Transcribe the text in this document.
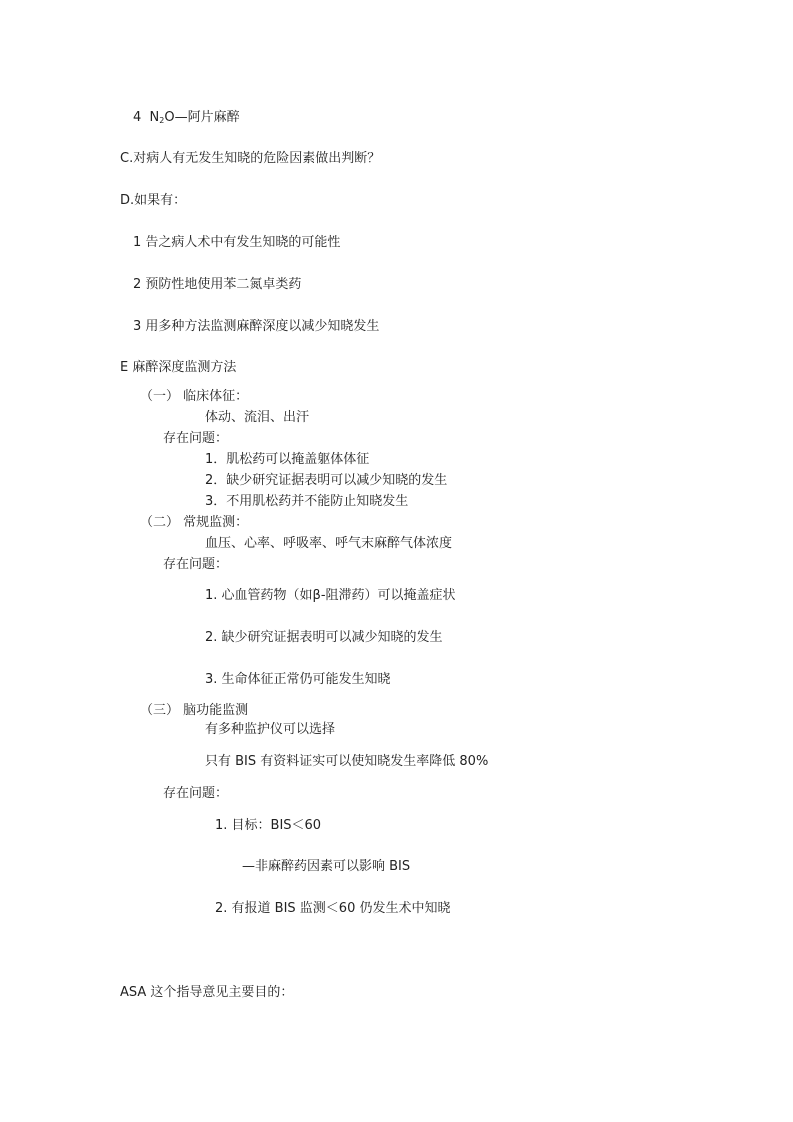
4 $N_2O—$阿片麻醉
C.对病人有无发生知晓的危险因素做出判断？
D.如果有：
1 告之病人术中有发生知晓的可能性
2 预防性地使用苯二氮卓类药
3 用多种方法监测麻醉深度以减少知晓发生
E 麻醉深度监测方法
（一） 临床体征：
体动、流泪、出汗
存在问题：
1．肌松药可以掩盖躯体体征
2．缺少研究证据表明可以减少知晓的发生
3．不用肌松药并不能防止知晓发生
（二） 常规监测：
血压、心率、呼吸率、呼气末麻醉气体浓度
存在问题：
1. 心血管药物（如β-阻滞药）可以掩盖症状
2. 缺少研究证据表明可以减少知晓的发生
3. 生命体征正常仍可能发生知晓
（三） 脑功能监测
有多种监护仪可以选择
只有 BIS 有资料证实可以使知晓发生率降低 80%
存在问题：
1. 目标：BIS＜60
—非麻醉药因素可以影响 BIS
2. 有报道 BIS 监测＜60 仍发生术中知晓
ASA 这个指导意见主要目的：
